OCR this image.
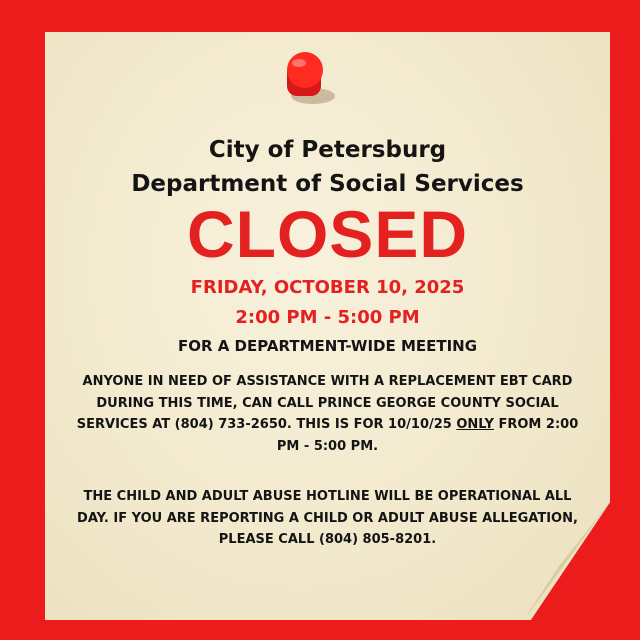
City of Petersburg
Department of Social Services
CLOSED
FRIDAY, OCTOBER 10, 2025
2:00 PM - 5:00 PM
FOR A DEPARTMENT-WIDE MEETING
ANYONE IN NEED OF ASSISTANCE WITH A REPLACEMENT EBT CARD DURING THIS TIME, CAN CALL PRINCE GEORGE COUNTY SOCIAL SERVICES AT (804) 733-2650. THIS IS FOR 10/10/25 ONLY FROM 2:00 PM - 5:00 PM.
THE CHILD AND ADULT ABUSE HOTLINE WILL BE OPERATIONAL ALL DAY. IF YOU ARE REPORTING A CHILD OR ADULT ABUSE ALLEGATION, PLEASE CALL (804) 805-8201.
